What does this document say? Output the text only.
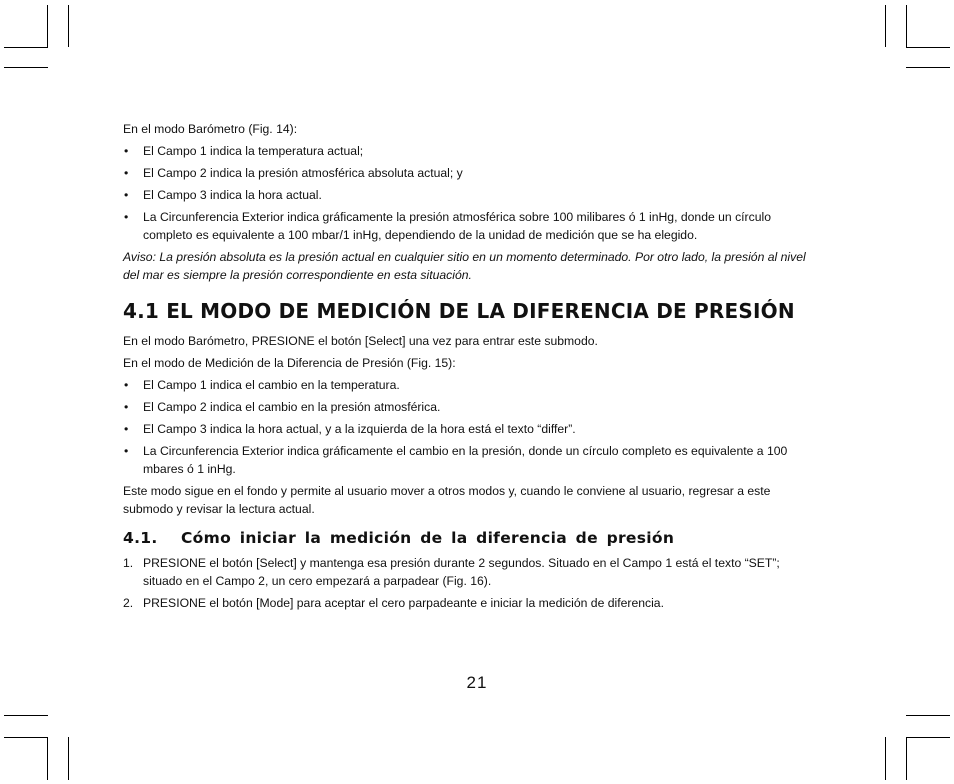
En el modo Barómetro (Fig. 14):

• El Campo 1 indica la temperatura actual;
• El Campo 2 indica la presión atmosférica absoluta actual; y
• El Campo 3 indica la hora actual.
• La Circunferencia Exterior indica gráficamente la presión atmosférica sobre 100 milibares ó 1 inHg, donde un círculo completo es equivalente a 100 mbar/1 inHg, dependiendo de la unidad de medición que se ha elegido.

Aviso: La presión absoluta es la presión actual en cualquier sitio en un momento determinado. Por otro lado, la presión al nivel del mar es siempre la presión correspondiente en esta situación.

4.1 EL MODO DE MEDICIÓN DE LA DIFERENCIA DE PRESIÓN

En el modo Barómetro, PRESIONE el botón [Select] una vez para entrar este submodo.

En el modo de Medición de la Diferencia de Presión (Fig. 15):

• El Campo 1 indica el cambio en la temperatura.
• El Campo 2 indica el cambio en la presión atmosférica.
• El Campo 3 indica la hora actual, y a la izquierda de la hora está el texto “differ”.
• La Circunferencia Exterior indica gráficamente el cambio en la presión, donde un círculo completo es equivalente a 100 mbares ó 1 inHg.

Este modo sigue en el fondo y permite al usuario mover a otros modos y, cuando le conviene al usuario, regresar a este submodo y revisar la lectura actual.

4.1. Cómo iniciar la medición de la diferencia de presión
1. PRESIONE el botón [Select] y mantenga esa presión durante 2 segundos. Situado en el Campo 1 está el texto “SET”; situado en el Campo 2, un cero empezará a parpadear (Fig. 16).
2. PRESIONE el botón [Mode] para aceptar el cero parpadeante e iniciar la medición de diferencia.
21
